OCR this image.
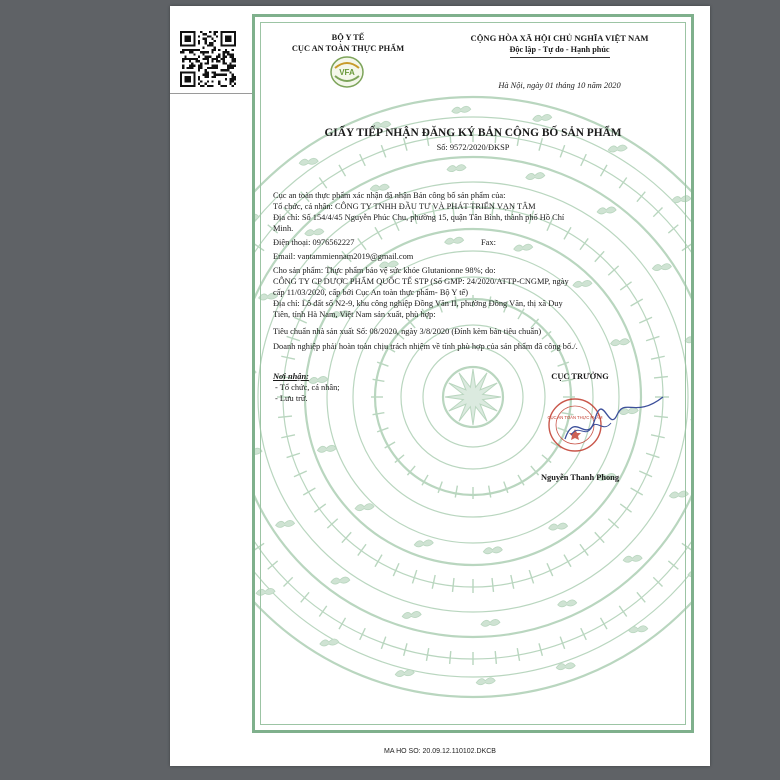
BỘ Y TẾ
CỤC AN TOÀN THỰC PHẨM
VFA
CỘNG HÒA XÃ HỘI CHỦ NGHĨA VIỆT NAM
Độc lập - Tự do - Hạnh phúc
Hà Nội, ngày 01 tháng 10 năm 2020
GIẤY TIẾP NHẬN ĐĂNG KÝ BẢN CÔNG BỐ SẢN PHẨM
Số: 9572/2020/ĐKSP
Cục an toàn thực phẩm xác nhận đã nhận Bản công bố sản phẩm của:
Tổ chức, cá nhân: CÔNG TY TNHH ĐẦU TƯ VÀ PHÁT TRIỂN VẠN TÂM
Địa chỉ: Số 154/4/45 Nguyễn Phúc Chu, phường 15, quận Tân Bình, thành phố Hồ Chí
Minh.
Điện thoại: 0976562227	Fax:
Email: vantammiennam2019@gmail.com
Cho sản phẩm: Thực phẩm bảo vệ sức khỏe Glutanionne 98%; do:
CÔNG TY CP DƯỢC PHẨM QUỐC TẾ STP (Số GMP: 24/2020/ATTP-CNGMP, ngày
cấp 11/03/2020, cấp bởi Cục An toàn thực phẩm- Bộ Y tế)
Địa chỉ: Lô đất số N2-9, khu công nghiệp Đồng Văn II, phường Đồng Văn, thị xã Duy
Tiên, tỉnh Hà Nam, Việt Nam sản xuất, phù hợp:
Tiêu chuẩn nhà sản xuất Số: 08/2020, ngày 3/8/2020 (Đính kèm bản tiêu chuẩn)
Doanh nghiệp phải hoàn toàn chịu trách nhiệm về tính phù hợp của sản phẩm đã công bố./.
Nơi nhận:
- Tổ chức, cá nhân;
- Lưu trữ.
CỤC TRƯỞNG
CỤC AN TOÀN THỰC PHẨM
Nguyễn Thanh Phong
MA HO SO: 20.09.12.110102.DKCB
